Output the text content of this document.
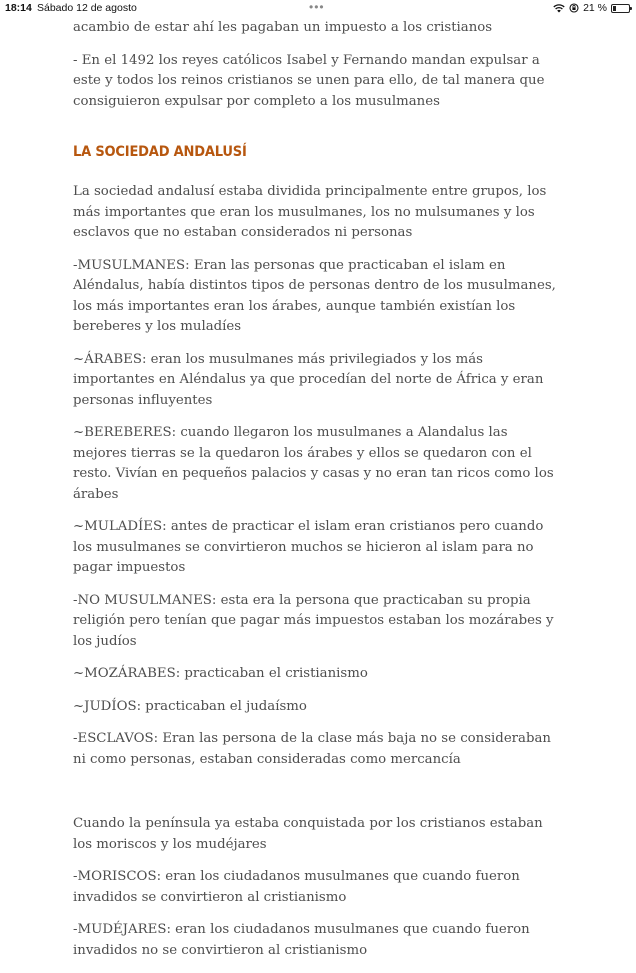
18:14 Sábado 12 de agosto	•••	21 %

acambio de estar ahí les pagaban un impuesto a los cristianos

- En el 1492 los reyes católicos Isabel y Fernando mandan expulsar a este y todos los reinos cristianos se unen para ello, de tal manera que consiguieron expulsar por completo a los musulmanes

LA SOCIEDAD ANDALUSÍ

La sociedad andalusí estaba dividida principalmente entre grupos, los más importantes que eran los musulmanes, los no mulsumanes y los esclavos que no estaban considerados ni personas

-MUSULMANES: Eran las personas que practicaban el islam en Aléndalus, había distintos tipos de personas dentro de los musulmanes, los más importantes eran los árabes, aunque también existían los bereberes y los muladíes

~ÁRABES: eran los musulmanes más privilegiados y los más importantes en Aléndalus ya que procedían del norte de África y eran personas influyentes

~BEREBERES: cuando llegaron los musulmanes a Alandalus las mejores tierras se la quedaron los árabes y ellos se quedaron con el resto. Vivían en pequeños palacios y casas y no eran tan ricos como los árabes

~MULADÍES: antes de practicar el islam eran cristianos pero cuando los musulmanes se convirtieron muchos se hicieron al islam para no pagar impuestos

-NO MUSULMANES: esta era la persona que practicaban su propia religión pero tenían que pagar más impuestos estaban los mozárabes y los judíos

~MOZÁRABES: practicaban el cristianismo

~JUDÍOS: practicaban el judaísmo

-ESCLAVOS: Eran las persona de la clase más baja no se consideraban ni como personas, estaban consideradas como mercancía

Cuando la península ya estaba conquistada por los cristianos estaban los moriscos y los mudéjares

-MORISCOS: eran los ciudadanos musulmanes que cuando fueron invadidos se convirtieron al cristianismo

-MUDÉJARES: eran los ciudadanos musulmanes que cuando fueron invadidos no se convirtieron al cristianismo
